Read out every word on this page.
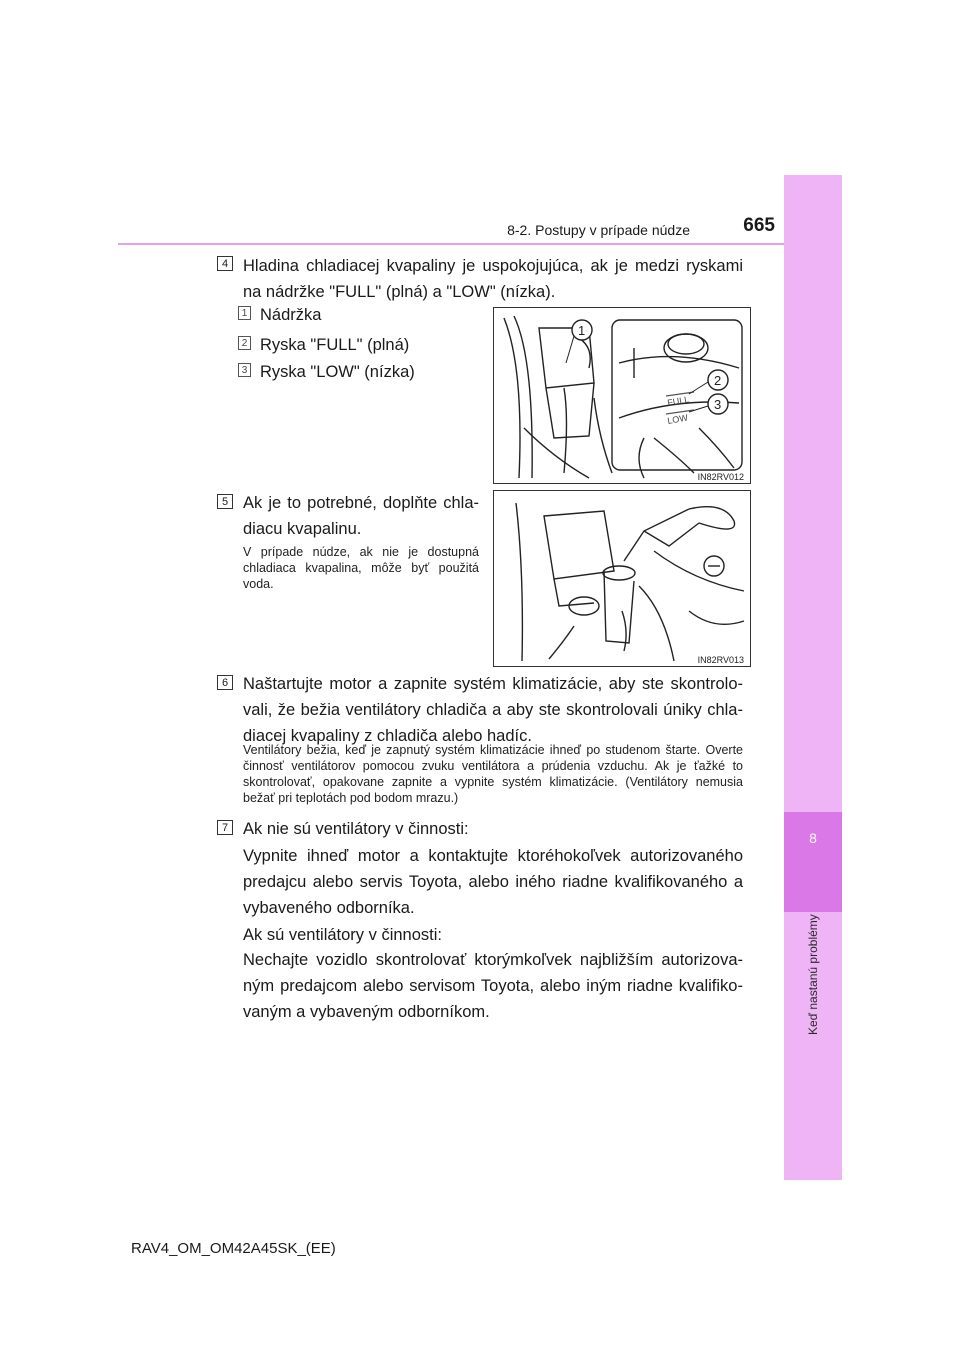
8-2. Postupy v prípade núdze	665
8
Keď nastanú problémy
4 Hladina chladiacej kvapaliny je uspokojujúca, ak je medzi ryskami na nádržke "FULL" (plná) a "LOW" (nízka).
1 Nádržka
2 Ryska "FULL" (plná)
3 Ryska "LOW" (nízka)
FULL
LOW
1
2
3
IN82RV012
5 Ak je to potrebné, doplňte chladiacu kvapalinu.
V prípade núdze, ak nie je dostupná chladiaca kvapalina, môže byť použitá voda.
IN82RV013
6 Naštartujte motor a zapnite systém klimatizácie, aby ste skontrolovali, že bežia ventilátory chladiča a aby ste skontrolovali úniky chladiacej kvapaliny z chladiča alebo hadíc.
Ventilátory bežia, keď je zapnutý systém klimatizácie ihneď po studenom štarte. Overte činnosť ventilátorov pomocou zvuku ventilátora a prúdenia vzduchu. Ak je ťažké to skontrolovať, opakovane zapnite a vypnite systém klimatizácie. (Ventilátory nemusia bežať pri teplotách pod bodom mrazu.)
7 Ak nie sú ventilátory v činnosti:
Vypnite ihneď motor a kontaktujte ktoréhokoľvek autorizovaného predajcu alebo servis Toyota, alebo iného riadne kvalifikovaného a vybaveného odborníka.
Ak sú ventilátory v činnosti:
Nechajte vozidlo skontrolovať ktorýmkoľvek najbližším autorizovaným predajcom alebo servisom Toyota, alebo iným riadne kvalifikovaným a vybaveným odborníkom.
RAV4_OM_OM42A45SK_(EE)
